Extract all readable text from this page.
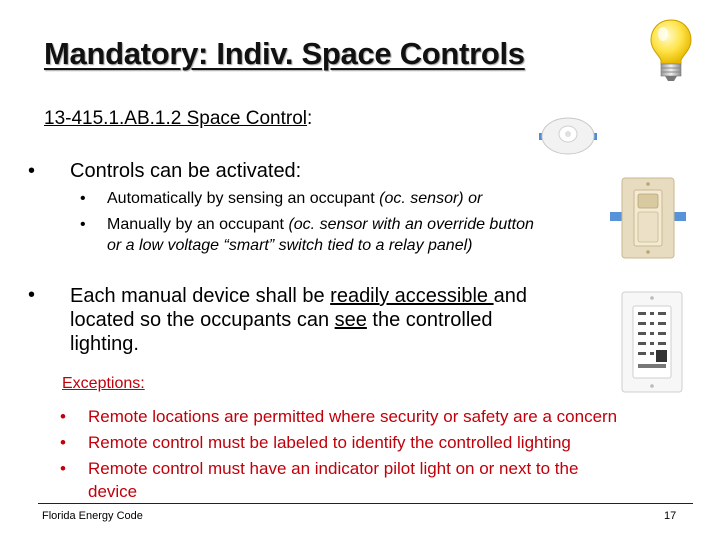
Mandatory: Indiv. Space Controls
13-415.1.AB.1.2 Space Control:
• Controls can be activated:
• Automatically by sensing an occupant (oc. sensor) or
• Manually by an occupant (oc. sensor with an override button
or a low voltage “smart” switch tied to a relay panel)
• Each manual device shall be readily accessible and
located so the occupants can see the controlled
lighting.
Exceptions:
• Remote locations are permitted where security or safety are a concern
• Remote control must be labeled to identify the controlled lighting
• Remote control must have an indicator pilot light on or next to the
device
Florida Energy Code	17
